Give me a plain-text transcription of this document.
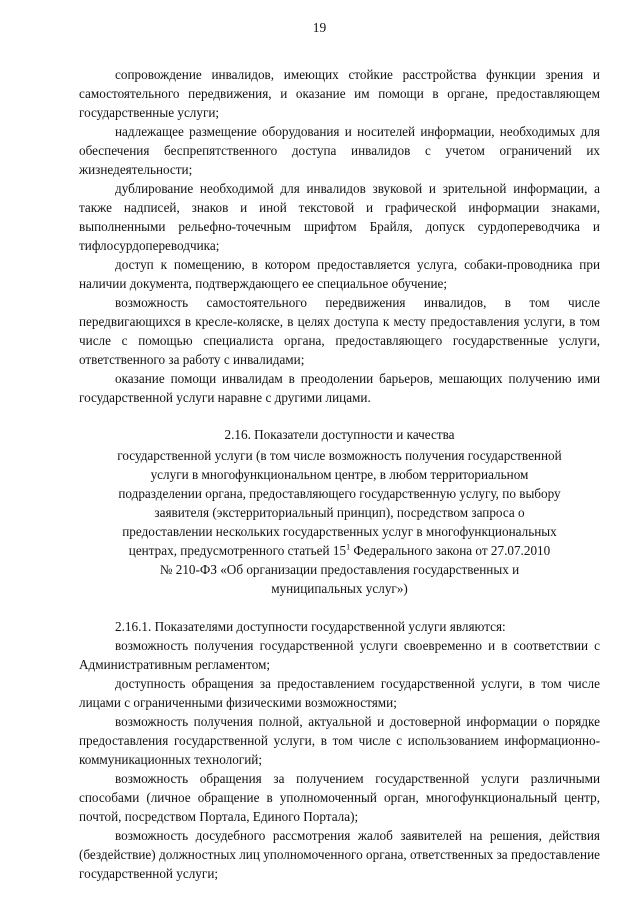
19

сопровождение инвалидов, имеющих стойкие расстройства функции зрения и самостоятельного передвижения, и оказание им помощи в органе, предоставляющем государственные услуги;

надлежащее размещение оборудования и носителей информации, необходимых для обеспечения беспрепятственного доступа инвалидов с учетом ограничений их жизнедеятельности;

дублирование необходимой для инвалидов звуковой и зрительной информации, а также надписей, знаков и иной текстовой и графической информации знаками, выполненными рельефно-точечным шрифтом Брайля, допуск сурдопереводчика и тифлосурдопереводчика;

доступ к помещению, в котором предоставляется услуга, собаки-проводника при наличии документа, подтверждающего ее специальное обучение;

возможность самостоятельного передвижения инвалидов, в том числе передвигающихся в кресле-коляске, в целях доступа к месту предоставления услуги, в том числе с помощью специалиста органа, предоставляющего государственные услуги, ответственного за работу с инвалидами;

оказание помощи инвалидам в преодолении барьеров, мешающих получению ими государственной услуги наравне с другими лицами.

2.16. Показатели доступности и качества
государственной услуги (в том числе возможность получения государственной
услуги в многофункциональном центре, в любом территориальном
подразделении органа, предоставляющего государственную услугу, по выбору
заявителя (экстерриториальный принцип), посредством запроса о
предоставлении нескольких государственных услуг в многофункциональных
центрах, предусмотренного статьей $15^1$ Федерального закона от 27.07.2010
№ 210-ФЗ «Об организации предоставления государственных и
муниципальных услуг»)

2.16.1. Показателями доступности государственной услуги являются:

возможность получения государственной услуги своевременно и в соответствии с Административным регламентом;

доступность обращения за предоставлением государственной услуги, в том числе лицами с ограниченными физическими возможностями;

возможность получения полной, актуальной и достоверной информации о порядке предоставления государственной услуги, в том числе с использованием информационно-коммуникационных технологий;

возможность обращения за получением государственной услуги различными способами (личное обращение в уполномоченный орган, многофункциональный центр, почтой, посредством Портала, Единого Портала);

возможность досудебного рассмотрения жалоб заявителей на решения, действия (бездействие) должностных лиц уполномоченного органа, ответственных за предоставление государственной услуги;
